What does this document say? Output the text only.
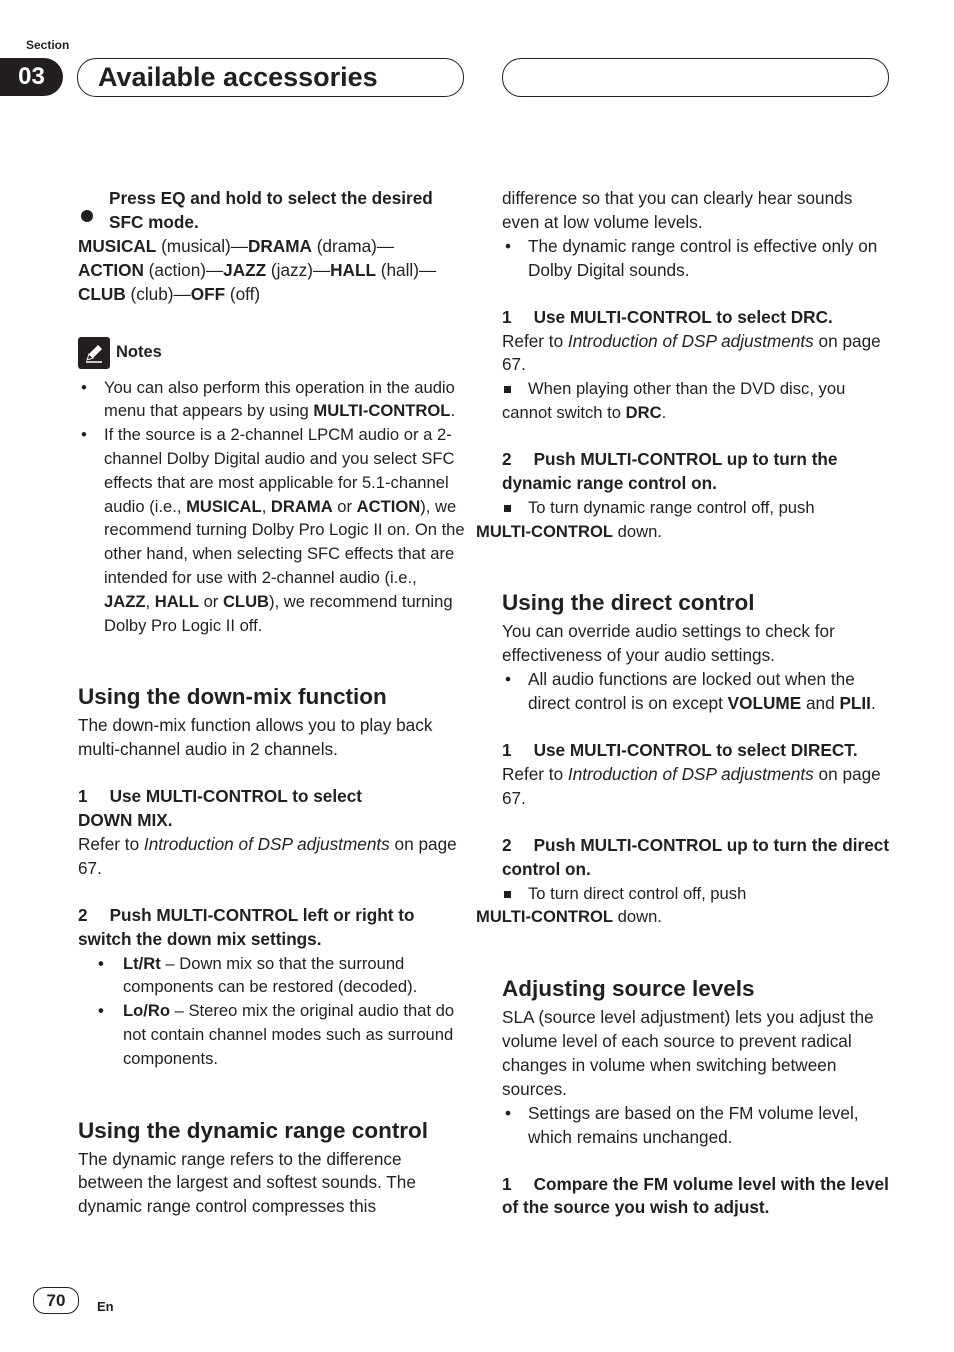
Section
03	Available accessories

Press EQ and hold to select the desired SFC mode.

MUSICAL (musical)—DRAMA (drama)—
ACTION (action)—JAZZ (jazz)—HALL (hall)—
CLUB (club)—OFF (off)

Notes
• You can also perform this operation in the audio menu that appears by using MULTI-CONTROL.
• If the source is a 2-channel LPCM audio or a 2-channel Dolby Digital audio and you select SFC effects that are most applicable for 5.1-channel audio (i.e., MUSICAL, DRAMA or ACTION), we recommend turning Dolby Pro Logic II on. On the other hand, when selecting SFC effects that are intended for use with 2-channel audio (i.e., JAZZ, HALL or CLUB), we recommend turning Dolby Pro Logic II off.

Using the down-mix function

The down-mix function allows you to play back multi-channel audio in 2 channels.

1 Use MULTI-CONTROL to select
DOWN MIX.

Refer to Introduction of DSP adjustments on page 67.

2 Push MULTI-CONTROL left or right to switch the down mix settings.

• Lt/Rt – Down mix so that the surround components can be restored (decoded).
• Lo/Ro – Stereo mix the original audio that do not contain channel modes such as surround components.

Using the dynamic range control

The dynamic range refers to the difference between the largest and softest sounds. The dynamic range control compresses this

difference so that you can clearly hear sounds even at low volume levels.

• The dynamic range control is effective only on Dolby Digital sounds.

1 Use MULTI-CONTROL to select DRC.

Refer to Introduction of DSP adjustments on page 67.

When playing other than the DVD disc, you cannot switch to DRC.

2 Push MULTI-CONTROL up to turn the dynamic range control on.

To turn dynamic range control off, push
MULTI-CONTROL down.

Using the direct control

You can override audio settings to check for effectiveness of your audio settings.

• All audio functions are locked out when the direct control is on except VOLUME and PLII.

1 Use MULTI-CONTROL to select DIRECT.

Refer to Introduction of DSP adjustments on page 67.

2 Push MULTI-CONTROL up to turn the direct control on.

To turn direct control off, push
MULTI-CONTROL down.

Adjusting source levels

SLA (source level adjustment) lets you adjust the volume level of each source to prevent radical changes in volume when switching between sources.

• Settings are based on the FM volume level, which remains unchanged.

1 Compare the FM volume level with the level of the source you wish to adjust.

70	En
